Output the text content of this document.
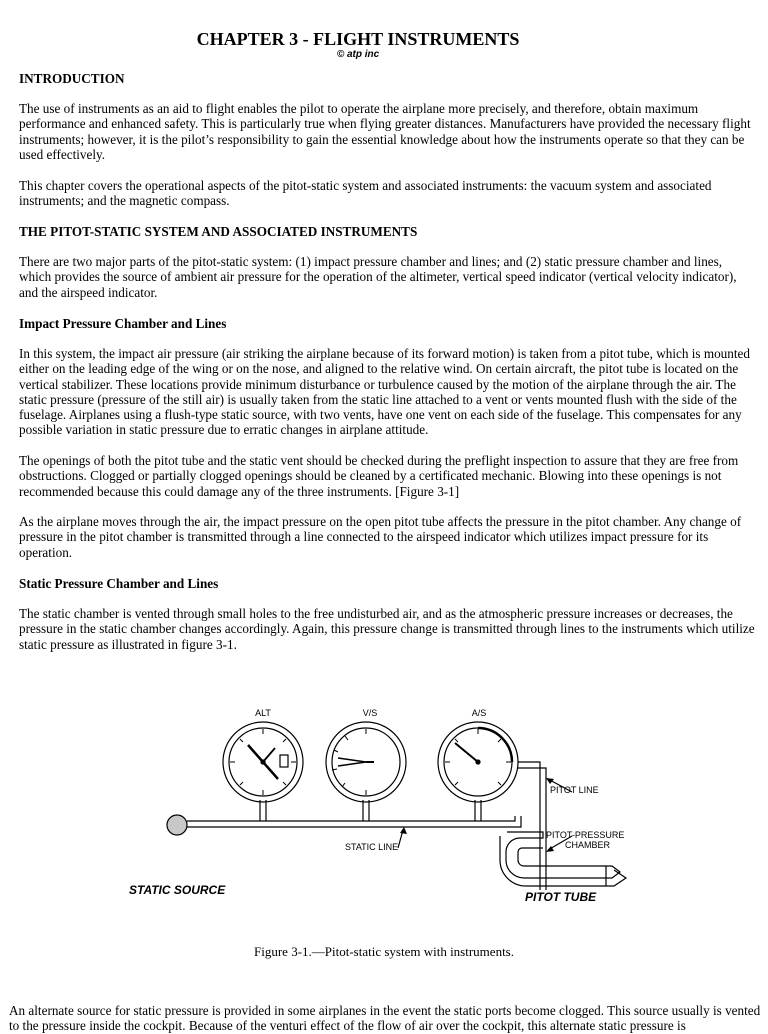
CHAPTER 3 - FLIGHT INSTRUMENTS
© atp inc
INTRODUCTION

The use of instruments as an aid to flight enables the pilot to operate the airplane more precisely, and therefore, obtain maximum performance and enhanced safety. This is particularly true when flying greater distances. Manufacturers have provided the necessary flight instruments; however, it is the pilot’s responsibility to gain the essential knowledge about how the instruments operate so that they can be used effectively.

This chapter covers the operational aspects of the pitot-static system and associated instruments: the vacuum system and associated instruments; and the magnetic compass.

THE PITOT-STATIC SYSTEM AND ASSOCIATED INSTRUMENTS

There are two major parts of the pitot-static system: (1) impact pressure chamber and lines; and (2) static pressure chamber and lines, which provides the source of ambient air pressure for the operation of the altimeter, vertical speed indicator (vertical velocity indicator), and the airspeed indicator.

Impact Pressure Chamber and Lines

In this system, the impact air pressure (air striking the airplane because of its forward motion) is taken from a pitot tube, which is mounted either on the leading edge of the wing or on the nose, and aligned to the relative wind. On certain aircraft, the pitot tube is located on the vertical stabilizer. These locations provide minimum disturbance or turbulence caused by the motion of the airplane through the air. The static pressure (pressure of the still air) is usually taken from the static line attached to a vent or vents mounted flush with the side of the fuselage. Airplanes using a flush-type static source, with two vents, have one vent on each side of the fuselage. This compensates for any possible variation in static pressure due to erratic changes in airplane attitude.

The openings of both the pitot tube and the static vent should be checked during the preflight inspection to assure that they are free from obstructions. Clogged or partially clogged openings should be cleaned by a certificated mechanic. Blowing into these openings is not recommended because this could damage any of the three instruments. [Figure 3-1]

As the airplane moves through the air, the impact pressure on the open pitot tube affects the pressure in the pitot chamber. Any change of pressure in the pitot chamber is transmitted through a line connected to the airspeed indicator which utilizes impact pressure for its operation.

Static Pressure Chamber and Lines

The static chamber is vented through small holes to the free undisturbed air, and as the atmospheric pressure increases or decreases, the pressure in the static chamber changes accordingly. Again, this pressure change is transmitted through lines to the instruments which utilize static pressure as illustrated in figure 3-1.

ALT	V/S	A/S
PITOT LINE
PITOT-PRESSURE
CHAMBER
STATIC LINE
STATIC SOURCE	PITOT TUBE
Figure 3-1.—Pitot-static system with instruments.

An alternate source for static pressure is provided in some airplanes in the event the static ports become clogged. This source usually is vented to the pressure inside the cockpit. Because of the venturi effect of the flow of air over the cockpit, this alternate static pressure is
